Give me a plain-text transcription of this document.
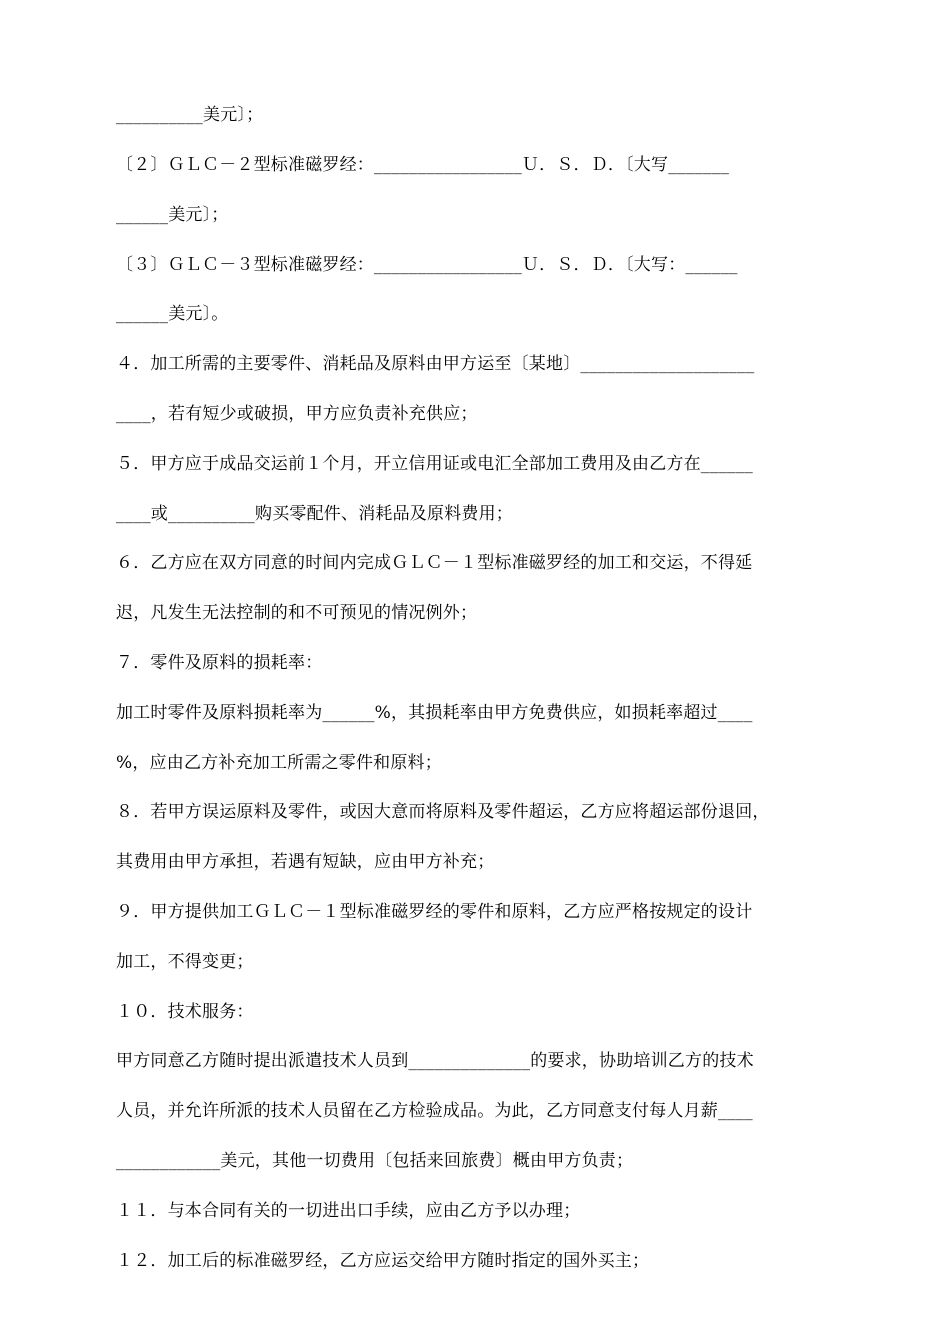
__________美元〕；
〔２〕ＧＬＣ－２型标准磁罗经：_________________Ｕ．Ｓ．Ｄ．〔大写_______
______美元〕；
〔３〕ＧＬＣ－３型标准磁罗经：_________________Ｕ．Ｓ．Ｄ．〔大写：______
______美元〕。
４．加工所需的主要零件、消耗品及原料由甲方运至〔某地〕____________________
____，若有短少或破损，甲方应负责补充供应；
５．甲方应于成品交运前１个月，开立信用证或电汇全部加工费用及由乙方在______
____或__________购买零配件、消耗品及原料费用；
６．乙方应在双方同意的时间内完成ＧＬＣ－１型标准磁罗经的加工和交运，不得延
迟，凡发生无法控制的和不可预见的情况例外；
７．零件及原料的损耗率：
加工时零件及原料损耗率为______%，其损耗率由甲方免费供应，如损耗率超过____
%，应由乙方补充加工所需之零件和原料；
８．若甲方误运原料及零件，或因大意而将原料及零件超运，乙方应将超运部份退回，
其费用由甲方承担，若遇有短缺，应由甲方补充；
９．甲方提供加工ＧＬＣ－１型标准磁罗经的零件和原料，乙方应严格按规定的设计
加工，不得变更；
１０．技术服务：
甲方同意乙方随时提出派遣技术人员到______________的要求，协助培训乙方的技术
人员，并允许所派的技术人员留在乙方检验成品。为此，乙方同意支付每人月薪____
____________美元，其他一切费用〔包括来回旅费〕概由甲方负责；
１１．与本合同有关的一切进出口手续，应由乙方予以办理；
１２．加工后的标准磁罗经，乙方应运交给甲方随时指定的国外买主；
